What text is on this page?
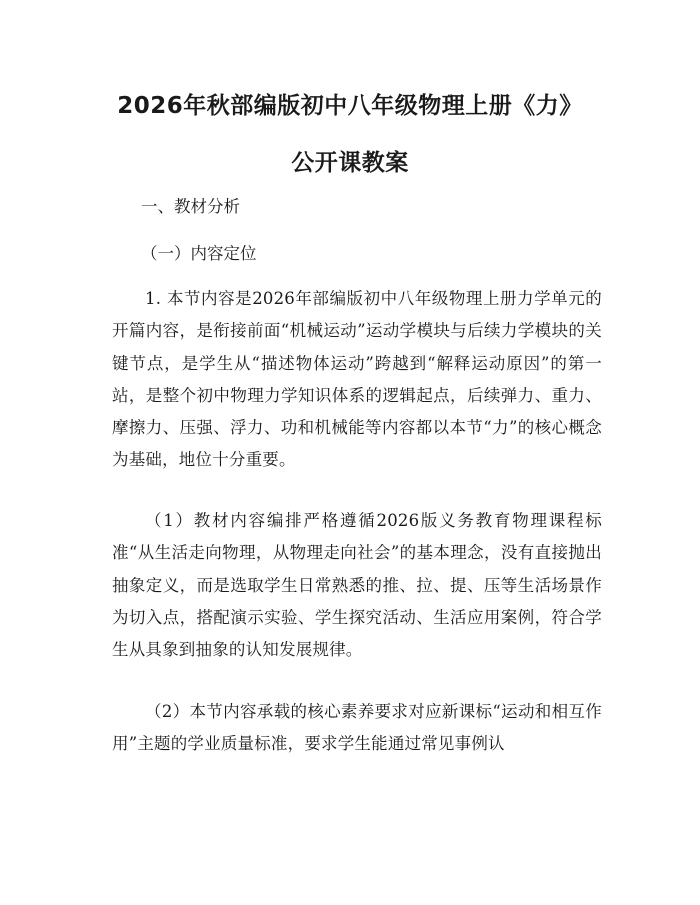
2026年秋部编版初中八年级物理上册《力》
公开课教案
一、教材分析
（一）内容定位
1. 本节内容是2026年部编版初中八年级物理上册力学单元的开篇内容，是衔接前面“机械运动”运动学模块与后续力学模块的关键节点，是学生从“描述物体运动”跨越到“解释运动原因”的第一站，是整个初中物理力学知识体系的逻辑起点，后续弹力、重力、摩擦力、压强、浮力、功和机械能等内容都以本节“力”的核心概念为基础，地位十分重要。
（1）教材内容编排严格遵循2026版义务教育物理课程标准“从生活走向物理，从物理走向社会”的基本理念，没有直接抛出抽象定义，而是选取学生日常熟悉的推、拉、提、压等生活场景作为切入点，搭配演示实验、学生探究活动、生活应用案例，符合学生从具象到抽象的认知发展规律。
（2）本节内容承载的核心素养要求对应新课标“运动和相互作用”主题的学业质量标准，要求学生能通过常见事例认
